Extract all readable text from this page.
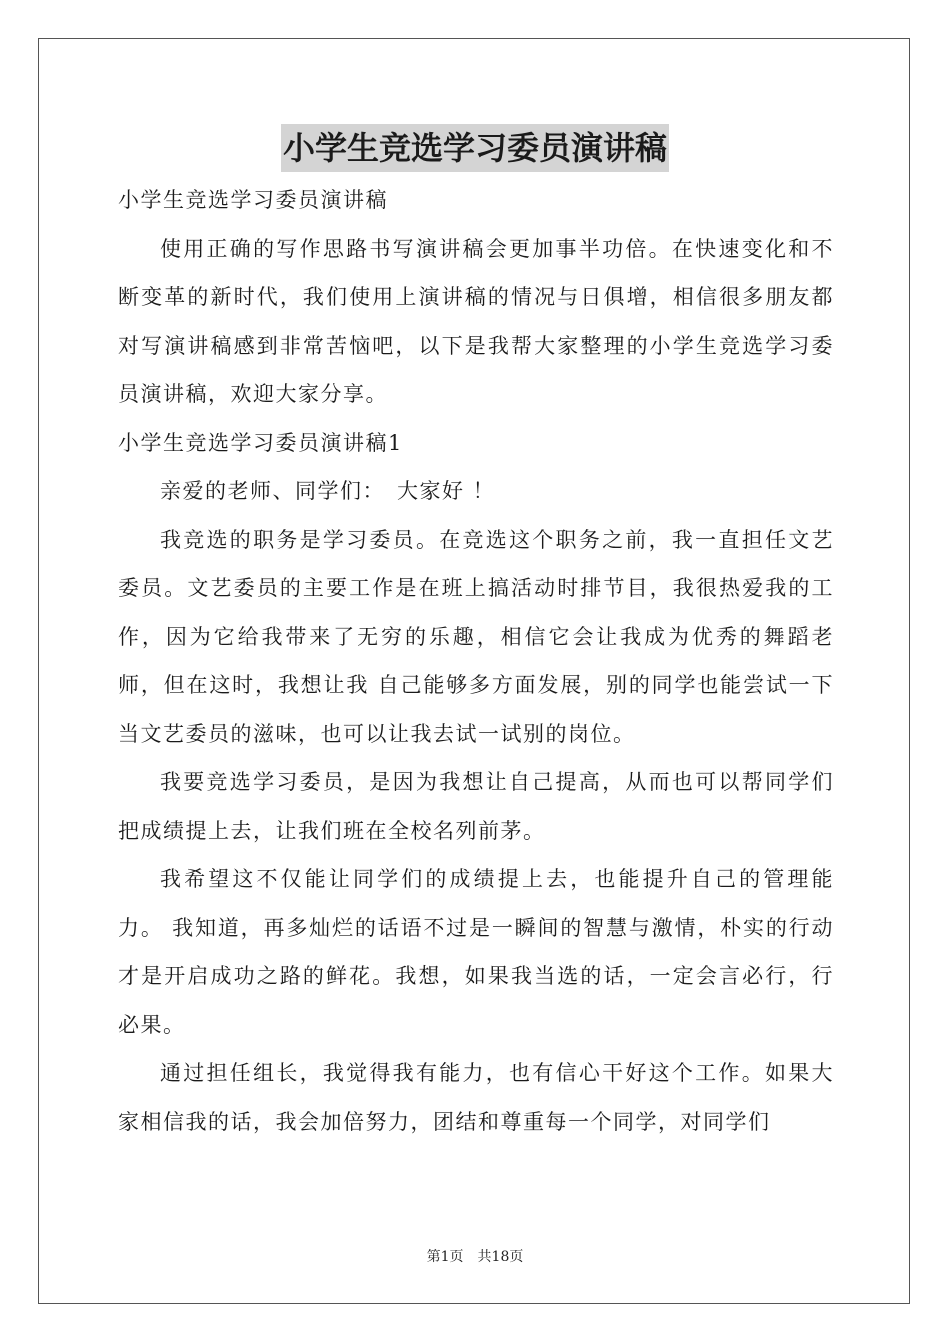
小学生竞选学习委员演讲稿

小学生竞选学习委员演讲稿

使用正确的写作思路书写演讲稿会更加事半功倍。在快速变化和不断变革的新时代，我们使用上演讲稿的情况与日俱增，相信很多朋友都对写演讲稿感到非常苦恼吧，以下是我帮大家整理的小学生竞选学习委员演讲稿，欢迎大家分享。

小学生竞选学习委员演讲稿1

亲爱的老师、同学们：　大家好 ！

我竞选的职务是学习委员。在竞选这个职务之前，我一直担任文艺委员。文艺委员的主要工作是在班上搞活动时排节目，我很热爱我的工作，因为它给我带来了无穷的乐趣，相信它会让我成为优秀的舞蹈老师，但在这时，我想让我 自己能够多方面发展，别的同学也能尝试一下当文艺委员的滋味，也可以让我去试一试别的岗位。

我要竞选学习委员，是因为我想让自己提高，从而也可以帮同学们把成绩提上去，让我们班在全校名列前茅。

我希望这不仅能让同学们的成绩提上去，也能提升自己的管理能力。 我知道，再多灿烂的话语不过是一瞬间的智慧与激情，朴实的行动才是开启成功之路的鲜花。我想，如果我当选的话，一定会言必行，行必果。

通过担任组长，我觉得我有能力，也有信心干好这个工作。如果大家相信我的话，我会加倍努力，团结和尊重每一个同学，对同学们

第1页　共18页
